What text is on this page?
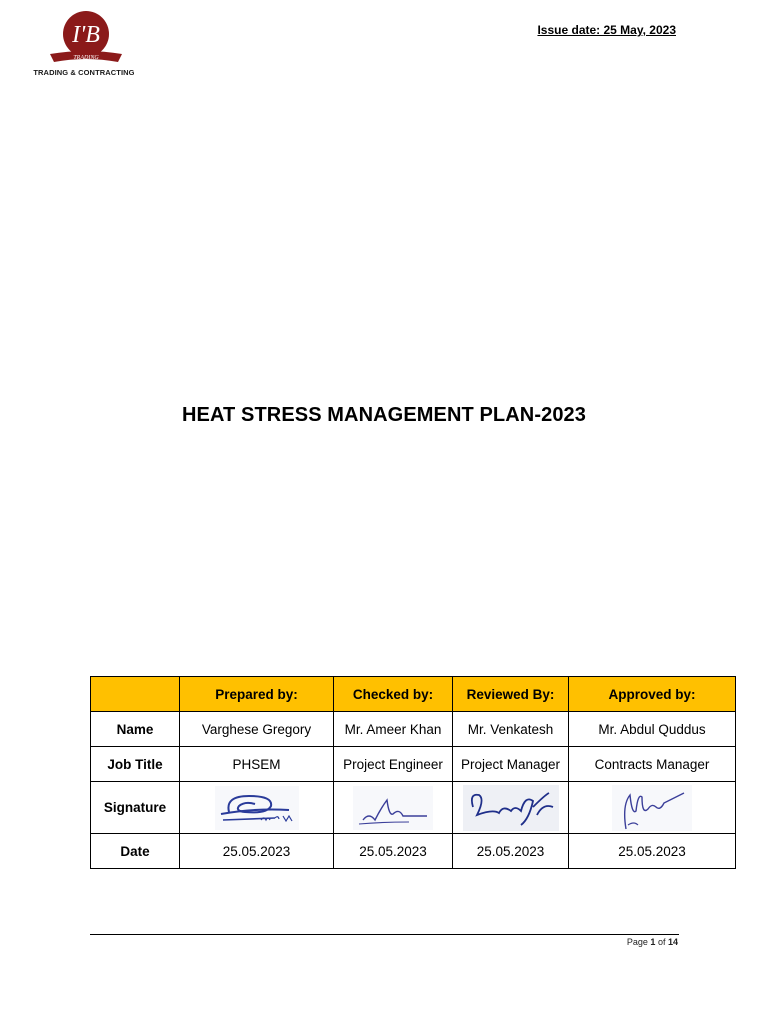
I'B
TRADING
TRADING & CONTRACTING
Issue date: 25 May, 2023
HEAT STRESS MANAGEMENT PLAN-2023
	Prepared by:	Checked by:	Reviewed By:	Approved by:
Name	Varghese Gregory	Mr. Ameer Khan	Mr. Venkatesh	Mr. Abdul Quddus
Job Title	PHSEM	Project Engineer	Project Manager	Contracts Manager
Signature				
Date	25.05.2023	25.05.2023	25.05.2023	25.05.2023
Page 1 of 14
